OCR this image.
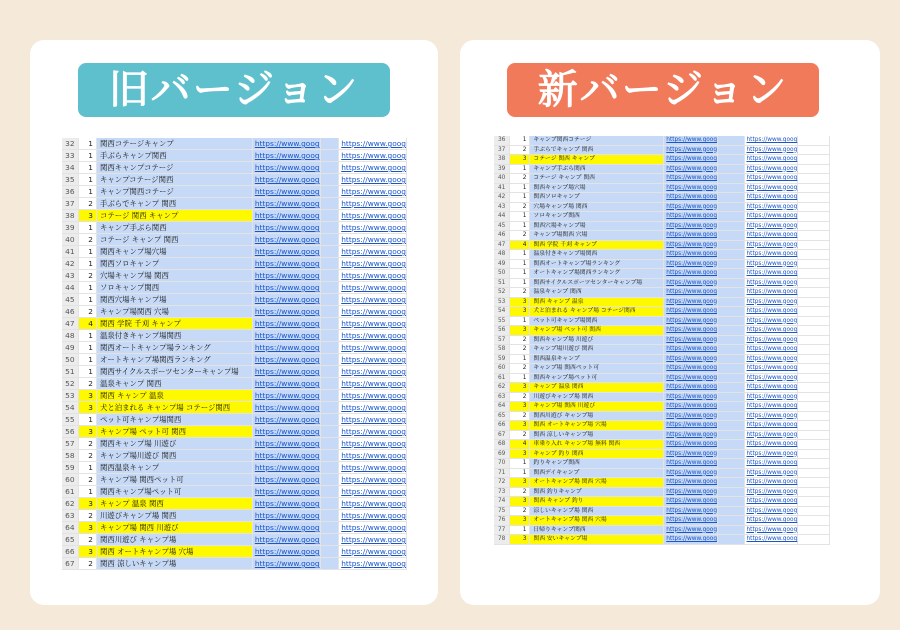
旧バージョン	新バージョン
32	1	関西コテージキャンプ	https://www.goog		https://www.goog
33	1	手ぶらキャンプ関西	https://www.goog		https://www.goog
34	1	関西キャンプコテージ	https://www.goog		https://www.goog
35	1	キャンプコテージ関西	https://www.goog		https://www.goog
36	1	キャンプ関西コテージ	https://www.goog		https://www.goog
37	2	手ぶらでキャンプ 関西	https://www.goog		https://www.goog
38	3	コテージ 関西 キャンプ	https://www.goog		https://www.goog
39	1	キャンプ手ぶら関西	https://www.goog		https://www.goog
40	2	コテージ キャンプ 関西	https://www.goog		https://www.goog
41	1	関西キャンプ場穴場	https://www.goog		https://www.goog
42	1	関西ソロキャンプ	https://www.goog		https://www.goog
43	2	穴場キャンプ場 関西	https://www.goog		https://www.goog
44	1	ソロキャンプ関西	https://www.goog		https://www.goog
45	1	関西穴場キャンプ場	https://www.goog		https://www.goog
46	2	キャンプ場関西 穴場	https://www.goog		https://www.goog
47	4	関西 学院 千刈 キャンプ	https://www.goog		https://www.goog
48	1	温泉付きキャンプ場関西	https://www.goog		https://www.goog
49	1	関西オートキャンプ場ランキング	https://www.goog		https://www.goog
50	1	オートキャンプ場関西ランキング	https://www.goog		https://www.goog
51	1	関西サイクルスポーツセンターキャンプ場	https://www.goog		https://www.goog
52	2	温泉キャンプ 関西	https://www.goog		https://www.goog
53	3	関西 キャンプ 温泉	https://www.goog		https://www.goog
54	3	犬と泊まれる キャンプ場 コテージ関西	https://www.goog		https://www.goog
55	1	ペット可キャンプ場関西	https://www.goog		https://www.goog
56	3	キャンプ場 ペット可 関西	https://www.goog		https://www.goog
57	2	関西キャンプ場 川遊び	https://www.goog		https://www.goog
58	2	キャンプ場川遊び 関西	https://www.goog		https://www.goog
59	1	関西温泉キャンプ	https://www.goog		https://www.goog
60	2	キャンプ場 関西ペット可	https://www.goog		https://www.goog
61	1	関西キャンプ場ペット可	https://www.goog		https://www.goog
62	3	キャンプ 温泉 関西	https://www.goog		https://www.goog
63	2	川遊びキャンプ場 関西	https://www.goog		https://www.goog
64	3	キャンプ場 関西 川遊び	https://www.goog		https://www.goog
65	2	関西川遊び キャンプ場	https://www.goog		https://www.goog
66	3	関西 オートキャンプ場 穴場	https://www.goog		https://www.goog
67	2	関西 涼しいキャンプ場	https://www.goog		https://www.goog
36	1	キャンプ関西コテージ	https://www.goog		https://www.goog	
37	2	手ぶらでキャンプ 関西	https://www.goog		https://www.goog	
38	3	コテージ 関西 キャンプ	https://www.goog		https://www.goog	
39	1	キャンプ手ぶら関西	https://www.goog		https://www.goog	
40	2	コテージ キャンプ 関西	https://www.goog		https://www.goog	
41	1	関西キャンプ場穴場	https://www.goog		https://www.goog	
42	1	関西ソロキャンプ	https://www.goog		https://www.goog	
43	2	穴場キャンプ場 関西	https://www.goog		https://www.goog	
44	1	ソロキャンプ関西	https://www.goog		https://www.goog	
45	1	関西穴場キャンプ場	https://www.goog		https://www.goog	
46	2	キャンプ場関西 穴場	https://www.goog		https://www.goog	
47	4	関西 学院 千刈 キャンプ	https://www.goog		https://www.goog	
48	1	温泉付きキャンプ場関西	https://www.goog		https://www.goog	
49	1	関西オートキャンプ場ランキング	https://www.goog		https://www.goog	
50	1	オートキャンプ場関西ランキング	https://www.goog		https://www.goog	
51	1	関西サイクルスポーツセンターキャンプ場	https://www.goog		https://www.goog	
52	2	温泉キャンプ 関西	https://www.goog		https://www.goog	
53	3	関西 キャンプ 温泉	https://www.goog		https://www.goog	
54	3	犬と泊まれる キャンプ場 コテージ関西	https://www.goog		https://www.goog	
55	1	ペット可キャンプ場関西	https://www.goog		https://www.goog	
56	3	キャンプ場 ペット可 関西	https://www.goog		https://www.goog	
57	2	関西キャンプ場 川遊び	https://www.goog		https://www.goog	
58	2	キャンプ場川遊び 関西	https://www.goog		https://www.goog	
59	1	関西温泉キャンプ	https://www.goog		https://www.goog	
60	2	キャンプ場 関西ペット可	https://www.goog		https://www.goog	
61	1	関西キャンプ場ペット可	https://www.goog		https://www.goog	
62	3	キャンプ 温泉 関西	https://www.goog		https://www.goog	
63	2	川遊びキャンプ場 関西	https://www.goog		https://www.goog	
64	3	キャンプ場 関西 川遊び	https://www.goog		https://www.goog	
65	2	関西川遊び キャンプ場	https://www.goog		https://www.goog	
66	3	関西 オートキャンプ場 穴場	https://www.goog		https://www.goog	
67	2	関西 涼しいキャンプ場	https://www.goog		https://www.goog	
68	4	車乗り入れ キャンプ場 無料 関西	https://www.goog		https://www.goog	
69	3	キャンプ 釣り 関西	https://www.goog		https://www.goog	
70	1	釣りキャンプ関西	https://www.goog		https://www.goog	
71	1	関西デイキャンプ	https://www.goog		https://www.goog	
72	3	オートキャンプ場 関西 穴場	https://www.goog		https://www.goog	
73	2	関西 釣りキャンプ	https://www.goog		https://www.goog	
74	3	関西 キャンプ 釣り	https://www.goog		https://www.goog	
75	2	涼しいキャンプ場 関西	https://www.goog		https://www.goog	
76	3	オートキャンプ場 関西 穴場	https://www.goog		https://www.goog	
77	1	日帰りキャンプ関西	https://www.goog		https://www.goog	
78	3	関西 安いキャンプ場	https://www.goog		https://www.goog	
